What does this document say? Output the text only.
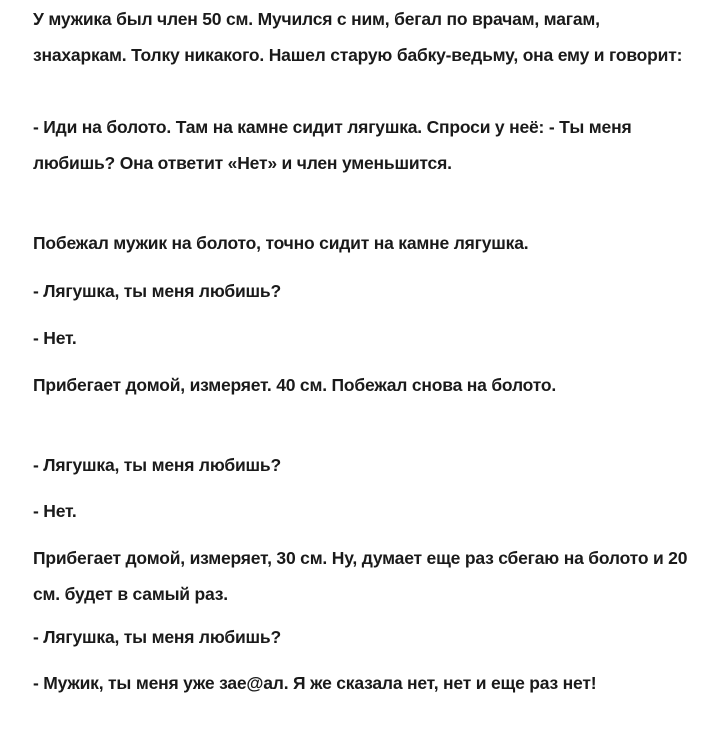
У мужика был член 50 см. Мучился с ним, бегал по врачам, магам, знахаркам. Толку никакого. Нашел старую бабку-ведьму, она ему и говорит:

- Иди на болото. Там на камне сидит лягушка. Спроси у неё: - Ты меня любишь? Она ответит «Нет» и член уменьшится.

Побежал мужик на болото, точно сидит на камне лягушка.

- Лягушка, ты меня любишь?

- Нет.

Прибегает домой, измеряет. 40 см. Побежал снова на болото.

- Лягушка, ты меня любишь?

- Нет.

Прибегает домой, измеряет, 30 см. Ну, думает еще раз сбегаю на болото и 20 см. будет в самый раз.

- Лягушка, ты меня любишь?

- Мужик, ты меня уже зае@ал. Я же сказала нет, нет и еще раз нет!
